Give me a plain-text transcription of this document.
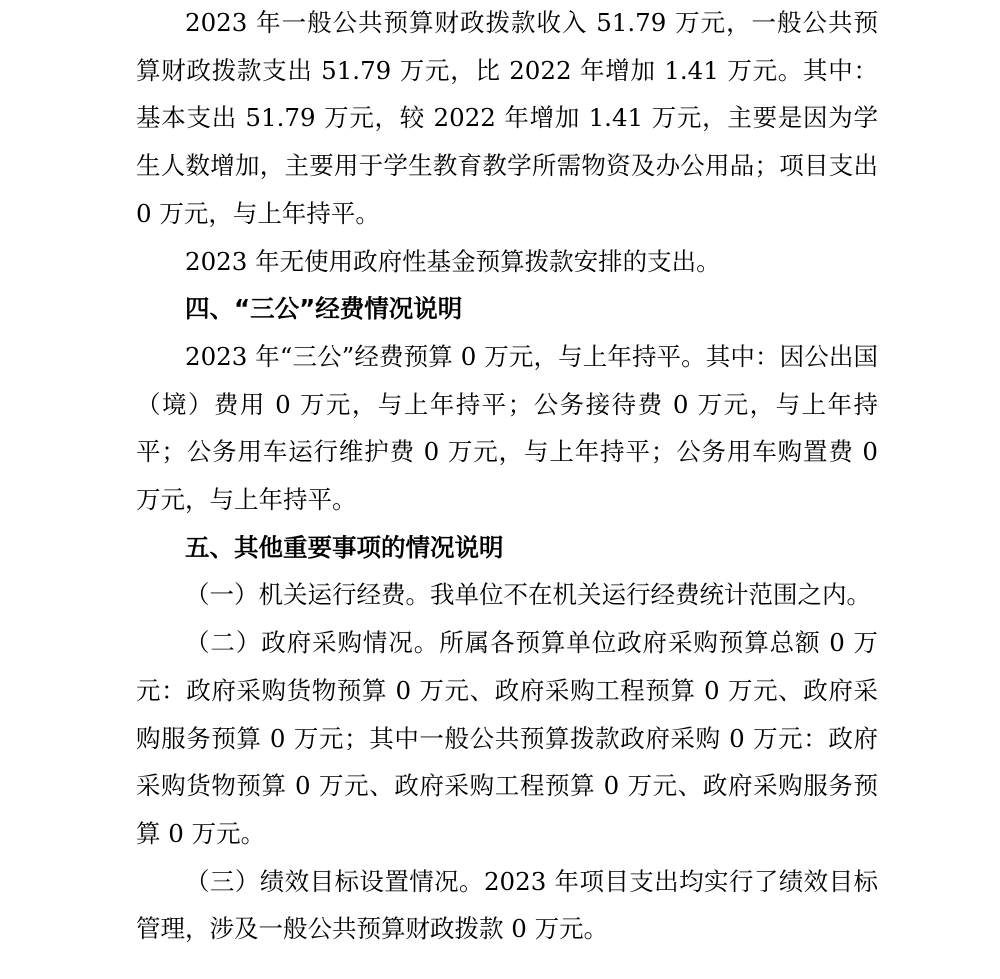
2023 年一般公共预算财政拨款收入 51.79 万元，一般公共预算财政拨款支出 51.79 万元，比 2022 年增加 1.41 万元。其中：基本支出 51.79 万元，较 2022 年增加 1.41 万元，主要是因为学生人数增加，主要用于学生教育教学所需物资及办公用品；项目支出 0 万元，与上年持平。

2023 年无使用政府性基金预算拨款安排的支出。

四、“三公”经费情况说明

2023 年“三公”经费预算 0 万元，与上年持平。其中：因公出国（境）费用 0 万元，与上年持平；公务接待费 0 万元，与上年持平；公务用车运行维护费 0 万元，与上年持平；公务用车购置费 0 万元，与上年持平。

五、其他重要事项的情况说明

（一）机关运行经费。我单位不在机关运行经费统计范围之内。

（二）政府采购情况。所属各预算单位政府采购预算总额 0 万元：政府采购货物预算 0 万元、政府采购工程预算 0 万元、政府采购服务预算 0 万元；其中一般公共预算拨款政府采购 0 万元：政府采购货物预算 0 万元、政府采购工程预算 0 万元、政府采购服务预算 0 万元。

（三）绩效目标设置情况。2023 年项目支出均实行了绩效目标管理，涉及一般公共预算财政拨款 0 万元。
